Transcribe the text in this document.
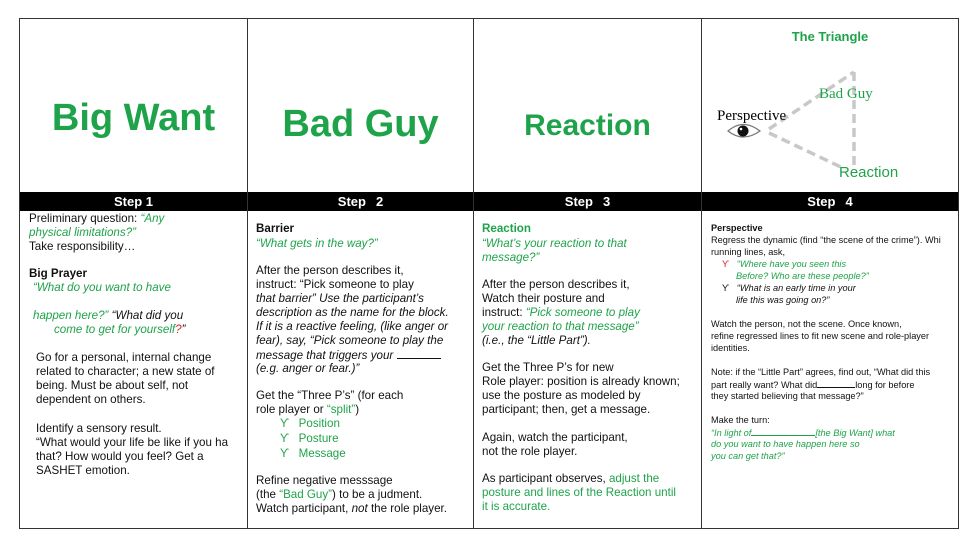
Big Want
Step 1
Preliminary question: “Any
physical limitations?”
Take responsibility…
Big Prayer
“What do you want to have
happen here?” “What did you
come to get for yourself?”
Go for a personal, internal change
related to character; a new state of
being. Must be about self, not
dependent on others.
Identify a sensory result.
“What would your life be like if you ha
that? How would you feel? Get a
SASHET emotion.
Bad Guy
Step 2
Barrier
“What gets in the way?”
After the person describes it,
instruct: “Pick someone to play
that barrier” Use the participant’s
description as the name for the block.
If it is a reactive feeling, (like anger or
fear), say, “Pick someone to play the
message that triggers your
(e.g. anger or fear.)”
Get the “Three P’s” (for each
role player or “split”)
ϒ Position
ϒ Posture
ϒ Message
Refine negative messsage
(the “Bad Guy”) to be a judment.
Watch participant, not the role player.
Reaction
Step 3
Reaction
“What’s your reaction to that
message?”
After the person describes it,
Watch their posture and
instruct: “Pick someone to play
your reaction to that message”
(i.e., the “Little Part”).
Get the Three P’s for new
Role player: position is already known;
use the posture as modeled by
participant; then, get a message.
Again, watch the participant,
not the role player.
As participant observes, adjust the
posture and lines of the Reaction until
it is accurate.
The Triangle
Bad Guy
Perspective
Reaction
Step 4
Perspective
Regress the dynamic (find “the scene of the crime”). Whi
running lines, ask,
ϒ “Where have you seen this
Before? Who are these people?”
ϒ “What is an early time in your
life this was going on?”
Watch the person, not the scene. Once known,
refine regressed lines to fit new scene and role-player
identities.
Note: if the “Little Part” agrees, find out, “What did this
part really want? What did	long for before
they started believing that message?”
Make the turn:
“In light of	[the Big Want] what
do you want to have happen here so
you can get that?”
